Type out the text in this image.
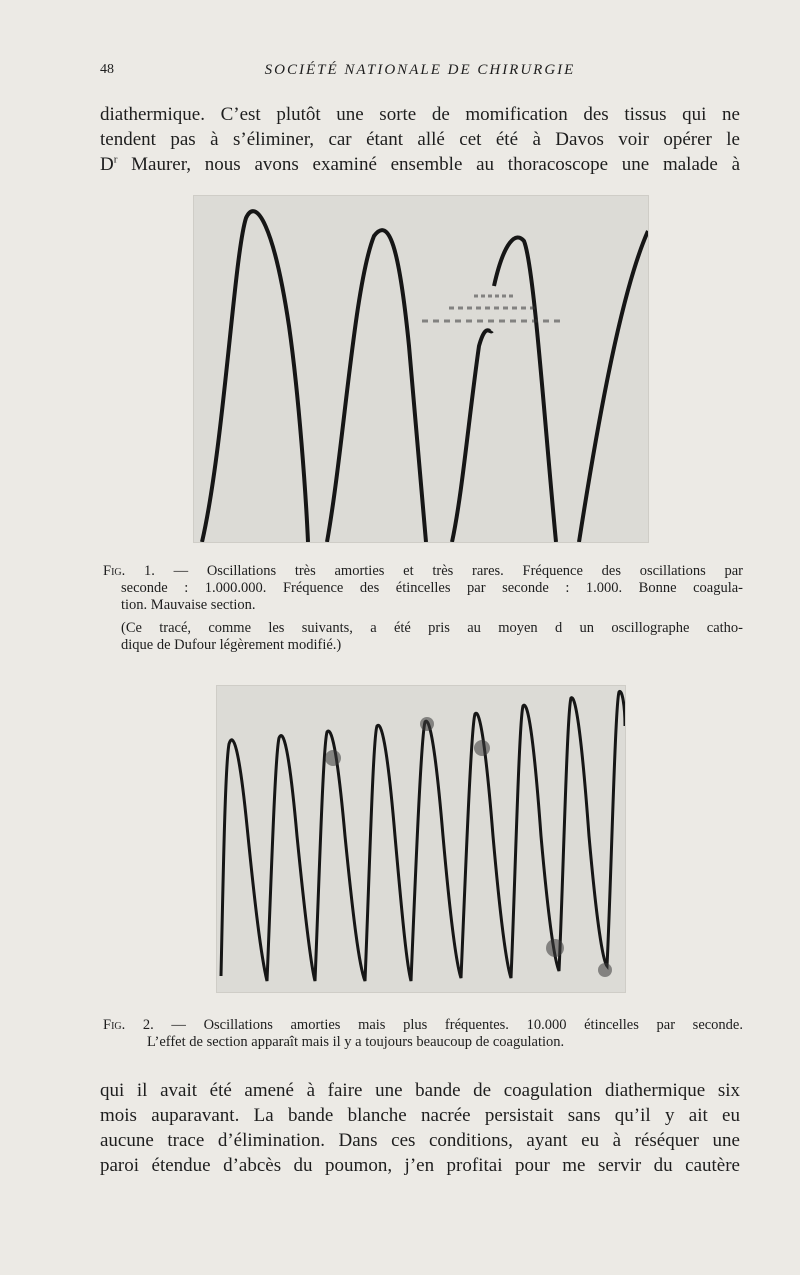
48	SOCIÉTÉ NATIONALE DE CHIRURGIE
diathermique. C’est plutôt une sorte de momification des tissus qui ne
tendent pas à s’éliminer, car étant allé cet été à Davos voir opérer le
$D^r$ Maurer, nous avons examiné ensemble au thoracoscope une malade à
Fig. 1. — Oscillations très amorties et très rares. Fréquence des oscillations par
seconde : 1.000.000. Fréquence des étincelles par seconde : 1.000. Bonne coagula-
tion. Mauvaise section.
(Ce tracé, comme les suivants, a été pris au moyen d un oscillographe catho-
dique de Dufour légèrement modifié.)
Fig. 2. — Oscillations amorties mais plus fréquentes. 10.000 étincelles par seconde.
L’effet de section apparaît mais il y a toujours beaucoup de coagulation.
qui il avait été amené à faire une bande de coagulation diathermique six
mois auparavant. La bande blanche nacrée persistait sans qu’il y ait eu
aucune trace d’élimination. Dans ces conditions, ayant eu à réséquer une
paroi étendue d’abcès du poumon, j’en profitai pour me servir du cautère
